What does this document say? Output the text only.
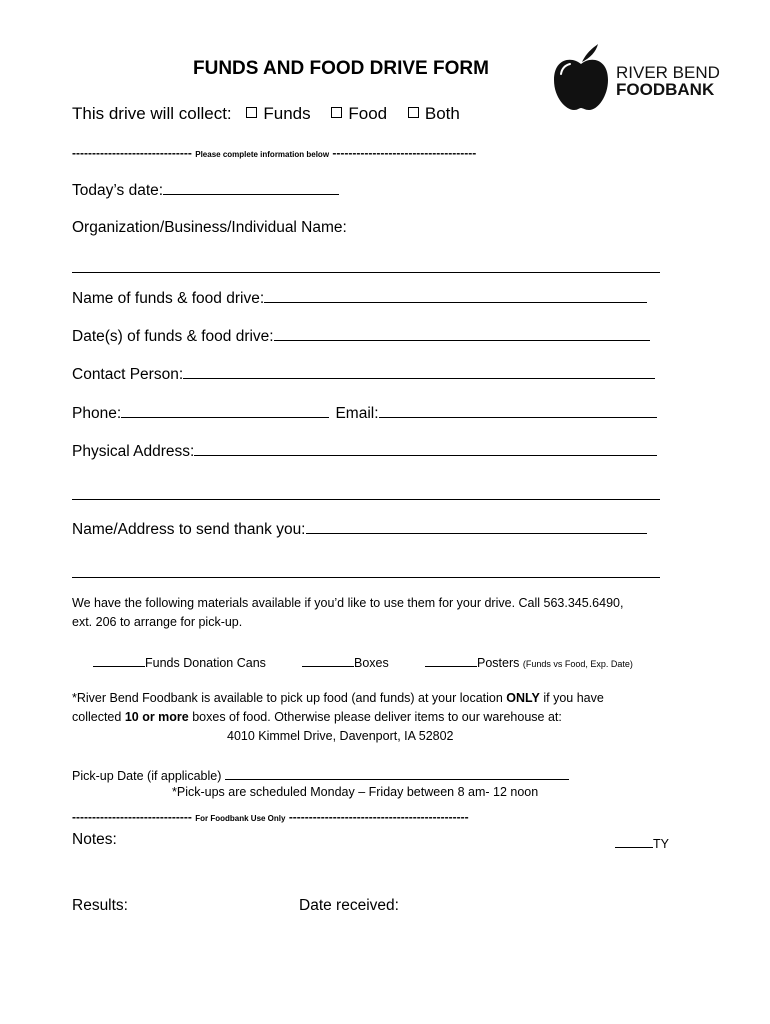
FUNDS AND FOOD DRIVE FORM	RIVER BEND
FOODBANK
This drive will collect: Funds Food Both
------------------------------ Please complete information below ------------------------------------
Today’s date:
Organization/Business/Individual Name:
Name of funds & food drive:
Date(s) of funds & food drive:
Contact Person:
Phone:	Email:
Physical Address:
Name/Address to send thank you:
We have the following materials available if you’d like to use them for your drive. Call 563.345.6490,
ext. 206 to arrange for pick-up.
Funds Donation Cans	Boxes	Posters (Funds vs Food, Exp. Date)
*River Bend Foodbank is available to pick up food (and funds) at your location ONLY if you have
collected 10 or more boxes of food. Otherwise please deliver items to our warehouse at:
4010 Kimmel Drive, Davenport, IA 52802
Pick-up Date (if applicable)
*Pick-ups are scheduled Monday – Friday between 8 am- 12 noon
------------------------------ For Foodbank Use Only ---------------------------------------------
Notes:	TY
Results:	Date received:
